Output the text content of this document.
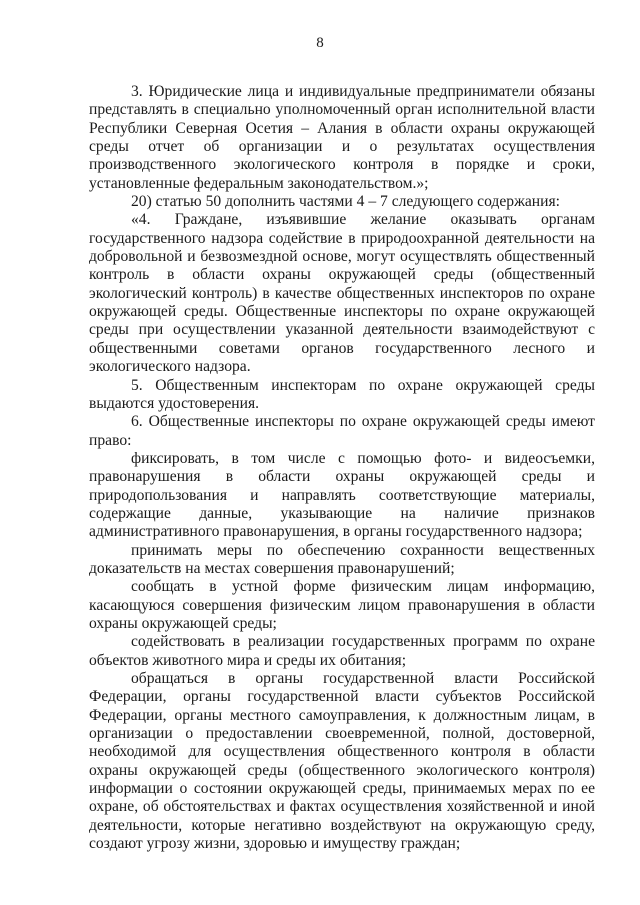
8

3. Юридические лица и индивидуальные предприниматели обязаны представлять в специально уполномоченный орган исполнительной власти Республики Северная Осетия – Алания в области охраны окружающей среды отчет об организации и о результатах осуществления производственного экологического контроля в порядке и сроки, установленные федеральным законодательством.»;

20) статью 50 дополнить частями 4 – 7 следующего содержания:

«4. Граждане, изъявившие желание оказывать органам государственного надзора содействие в природоохранной деятельности на добровольной и безвозмездной основе, могут осуществлять общественный контроль в области охраны окружающей среды (общественный экологический контроль) в качестве общественных инспекторов по охране окружающей среды. Общественные инспекторы по охране окружающей среды при осуществлении указанной деятельности взаимодействуют с общественными советами органов государственного лесного и экологического надзора.

5. Общественным инспекторам по охране окружающей среды выдаются удостоверения.

6. Общественные инспекторы по охране окружающей среды имеют право:

фиксировать, в том числе с помощью фото- и видеосъемки, правонарушения в области охраны окружающей среды и природопользования и направлять соответствующие материалы, содержащие данные, указывающие на наличие признаков административного правонарушения, в органы государственного надзора;

принимать меры по обеспечению сохранности вещественных доказательств на местах совершения правонарушений;

сообщать в устной форме физическим лицам информацию, касающуюся совершения физическим лицом правонарушения в области охраны окружающей среды;

содействовать в реализации государственных программ по охране объектов животного мира и среды их обитания;

обращаться в органы государственной власти Российской Федерации, органы государственной власти субъектов Российской Федерации, органы местного самоуправления, к должностным лицам, в организации о предоставлении своевременной, полной, достоверной, необходимой для осуществления общественного контроля в области охраны окружающей среды (общественного экологического контроля) информации о состоянии окружающей среды, принимаемых мерах по ее охране, об обстоятельствах и фактах осуществления хозяйственной и иной деятельности, которые негативно воздействуют на окружающую среду, создают угрозу жизни, здоровью и имуществу граждан;
